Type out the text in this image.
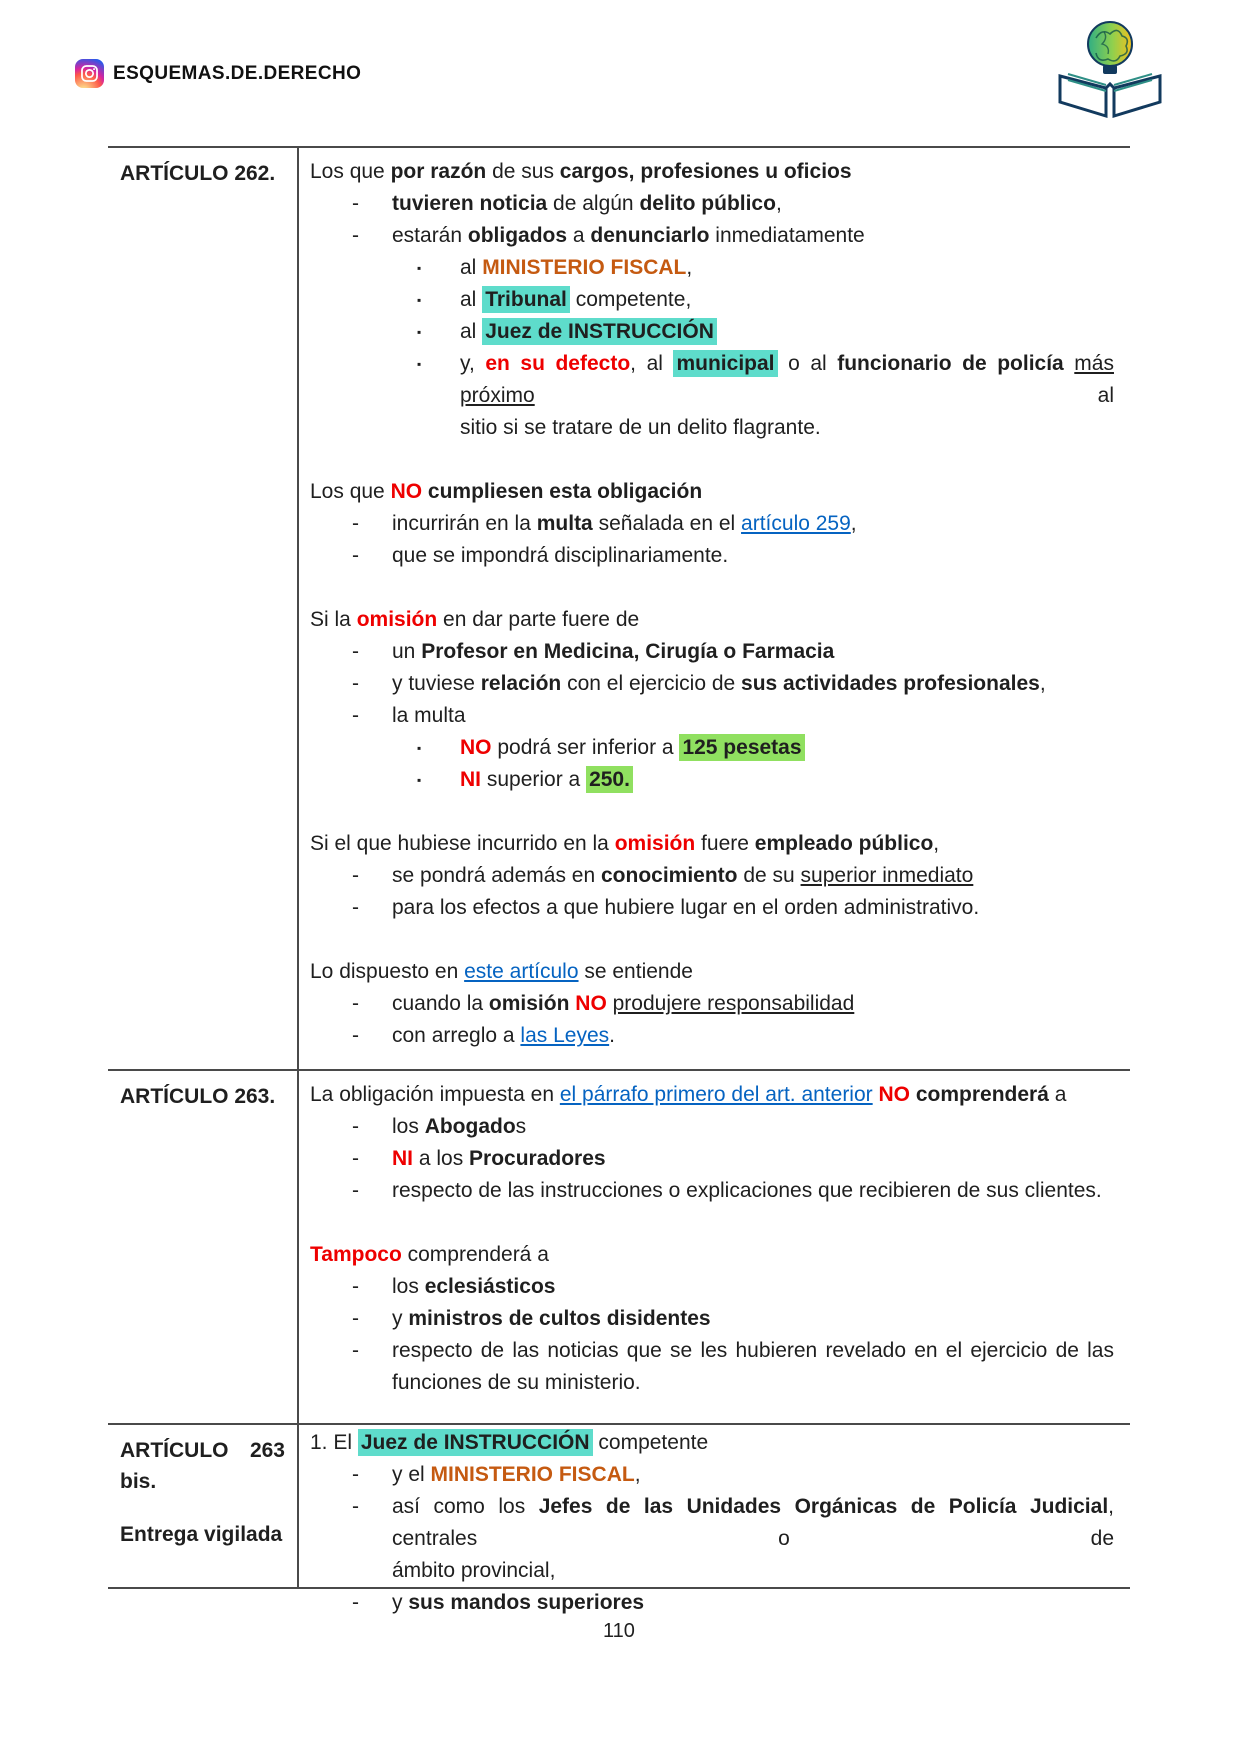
ESQUEMAS.DE.DERECHO
ARTÍCULO 262.	Los que por razón de sus cargos, profesiones u oficios
- tuvieren noticia de algún delito público,
- estarán obligados a denunciarlo inmediatamente
▪ al MINISTERIO FISCAL,
▪ al Tribunal competente,
▪ al Juez de INSTRUCCIÓN
▪ y, en su defecto, al municipal o al funcionario de policía más próximo al
sitio si se tratare de un delito flagrante.
Los que NO cumpliesen esta obligación
- incurrirán en la multa señalada en el artículo 259,
- que se impondrá disciplinariamente.
Si la omisión en dar parte fuere de
- un Profesor en Medicina, Cirugía o Farmacia
- y tuviese relación con el ejercicio de sus actividades profesionales,
- la multa
▪ NO podrá ser inferior a 125 pesetas
▪ NI superior a 250.
Si el que hubiese incurrido en la omisión fuere empleado público,
- se pondrá además en conocimiento de su superior inmediato
- para los efectos a que hubiere lugar en el orden administrativo.
Lo dispuesto en este artículo se entiende
- cuando la omisión NO produjere responsabilidad
- con arreglo a las Leyes.
ARTÍCULO 263.	La obligación impuesta en el párrafo primero del art. anterior NO comprenderá a
- los Abogados
- NI a los Procuradores
- respecto de las instrucciones o explicaciones que recibieren de sus clientes.
Tampoco comprenderá a
- los eclesiásticos
- y ministros de cultos disidentes
- respecto de las noticias que se les hubieren revelado en el ejercicio de las
funciones de su ministerio.
ARTÍCULO 263
bis.
Entrega vigilada
1. El Juez de INSTRUCCIÓN competente
- y el MINISTERIO FISCAL,
- así como los Jefes de las Unidades Orgánicas de Policía Judicial, centrales o de
ámbito provincial,
- y sus mandos superiores
110
